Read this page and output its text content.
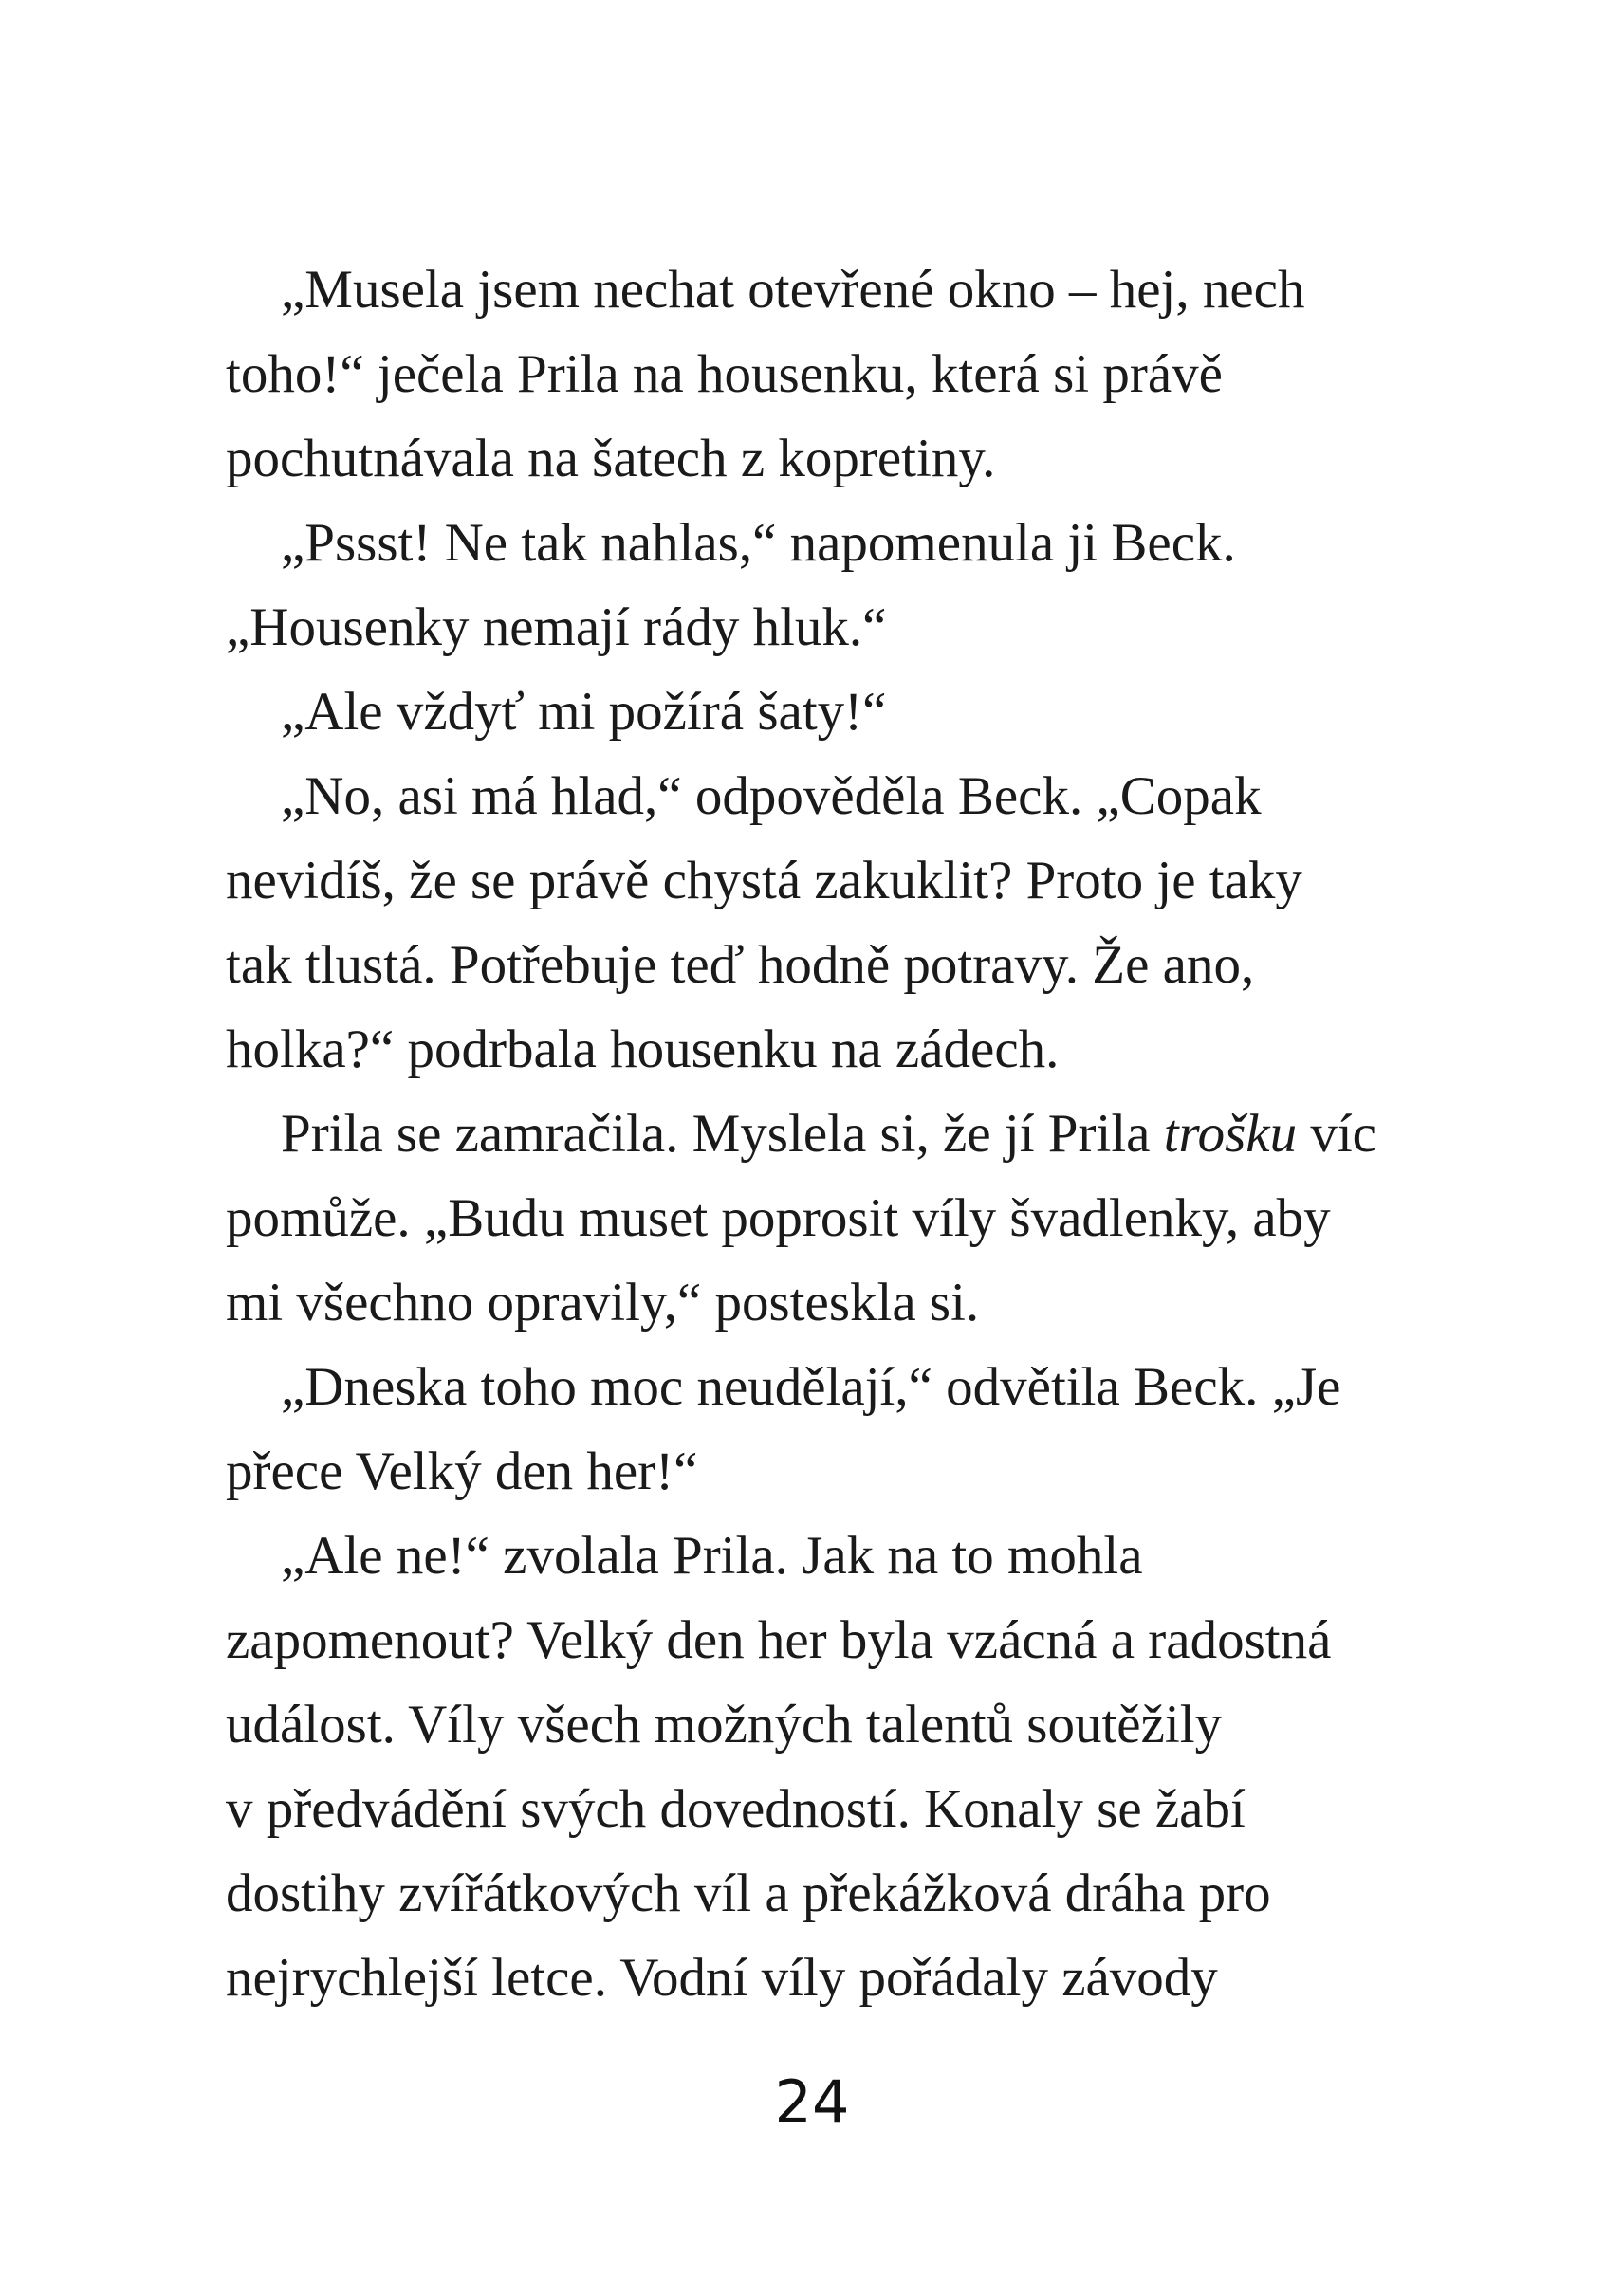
„Musela jsem nechat otevřené okno – hej, nech
toho!“ ječela Prila na housenku, která si právě
pochutnávala na šatech z kopretiny.
„Pssst! Ne tak nahlas,“ napomenula ji Beck.
„Housenky nemají rády hluk.“
„Ale vždyť mi požírá šaty!“
„No, asi má hlad,“ odpověděla Beck. „Copak
nevidíš, že se právě chystá zakuklit? Proto je taky
tak tlustá. Potřebuje teď hodně potravy. Že ano,
holka?“ podrbala housenku na zádech.
Prila se zamračila. Myslela si, že jí Prila trošku víc
pomůže. „Budu muset poprosit víly švadlenky, aby
mi všechno opravily,“ posteskla si.
„Dneska toho moc neudělají,“ odvětila Beck. „Je
přece Velký den her!“
„Ale ne!“ zvolala Prila. Jak na to mohla
zapomenout? Velký den her byla vzácná a radostná
událost. Víly všech možných talentů soutěžily
v předvádění svých dovedností. Konaly se žabí
dostihy zvířátkových víl a překážková dráha pro
nejrychlejší letce. Vodní víly pořádaly závody
24
